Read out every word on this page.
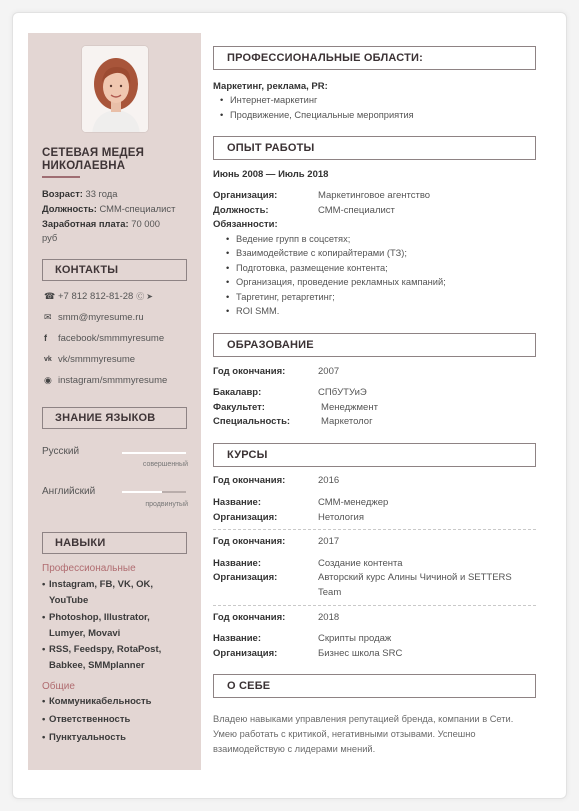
СЕТЕВАЯ МЕДЕЯ
НИКОЛАЕВНА
Возраст: 33 года
Должность: СММ-специалист
Заработная плата: 70 000
руб
КОНТАКТЫ
☎ +7 812 812-81-28 Ⓒ ➤
✉ smm@myresume.ru
f	facebook/smmmyresume
vk vk/smmmyresume
◉ instagram/smmmyresume
ЗНАНИЕ ЯЗЫКОВ
Русский
совершенный
Английский
продвинутый
НАВЫКИ
Профессиональные
• Instagram, FB, VK, OK,
YouTube
• Photoshop, Illustrator,
Lumyer, Movavi
• RSS, Feedspy, RotaPost,
Babkee, SMMplanner
Общие
• Коммуникабельность
• Ответственность
• Пунктуальность
ПРОФЕССИОНАЛЬНЫЕ ОБЛАСТИ:
Маркетинг, реклама, PR:
• Интернет-маркетинг
• Продвижение, Специальные мероприятия
ОПЫТ РАБОТЫ
Июнь 2008 — Июль 2018
Организация:	Маркетинговое агентство
Должность:	СММ-специалист
Обязанности:
• Ведение групп в соцсетях;
• Взаимодействие с копирайтерами (ТЗ);
• Подготовка, размещение контента;
• Организация, проведение рекламных кампаний;
• Таргетинг, ретаргетинг;
• ROI SMM.
ОБРАЗОВАНИЕ
Год окончания:	2007
Бакалавр:	СПбУТУиЭ
Факультет:	Менеджмент
Специальность:	Маркетолог
КУРСЫ
Год окончания:	2016
Название:	СММ-менеджер
Организация:	Нетология
Год окончания:	2017
Название:	Создание контента
Организация:	Авторский курс Алины Чичиной и SETTERS
Team
Год окончания:	2018
Название:	Скрипты продаж
Организация:	Бизнес школа SRC
О СЕБЕ
Владею навыками управления репутацией бренда, компании в Сети. Умею работать с критикой, негативными отзывами. Успешно взаимодействую с лидерами мнений.
